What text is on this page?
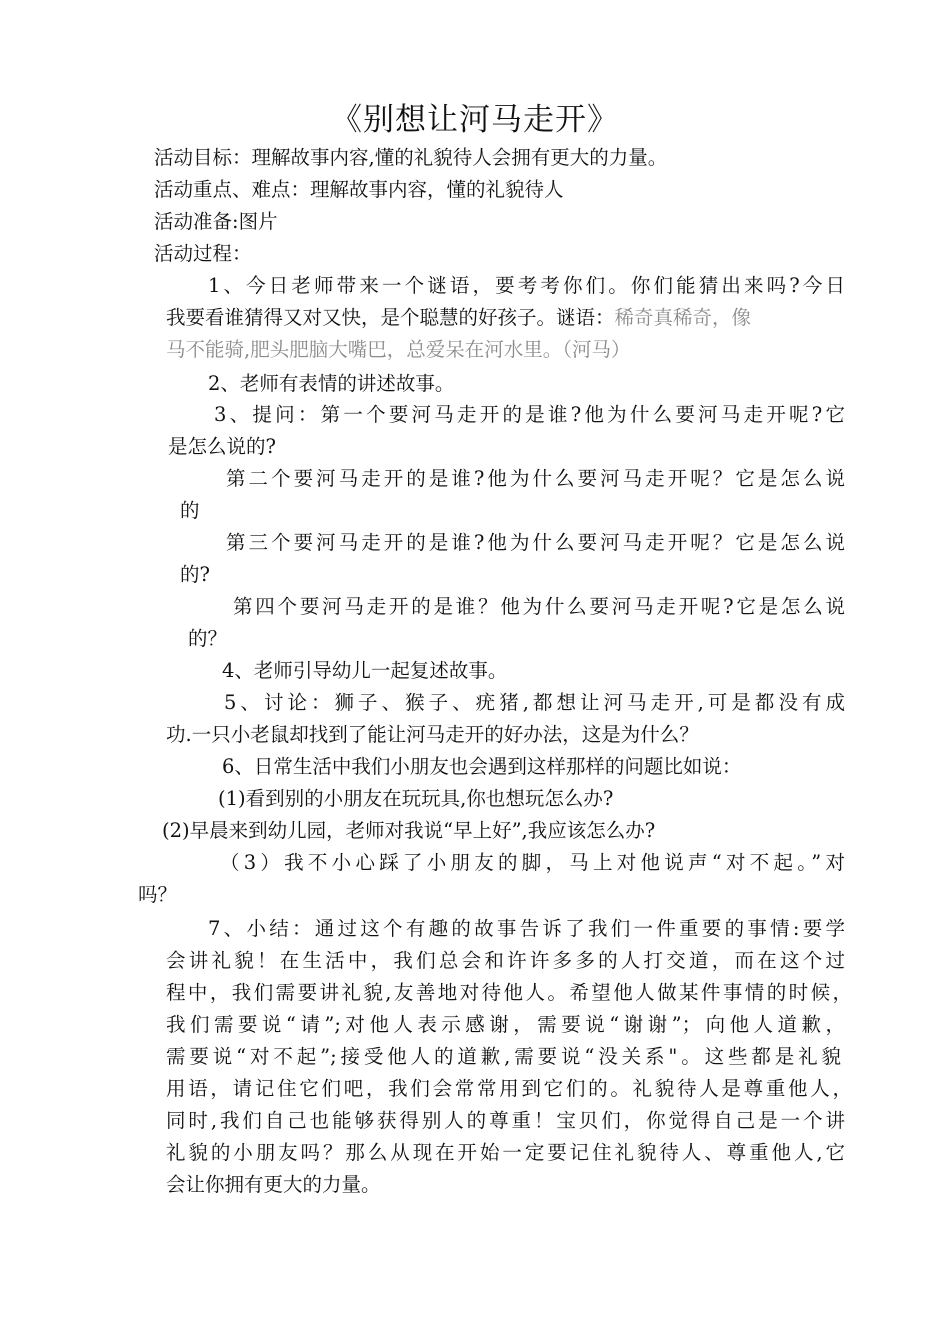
《别想让河马走开》
活动目标：理解故事内容,懂的礼貌待人会拥有更大的力量。
活动重点、难点：理解故事内容，懂的礼貌待人
活动准备:图片
活动过程：
1、今日老师带来一个谜语，要考考你们。你们能猜出来吗?今日
我要看谁猜得又对又快，是个聪慧的好孩子。谜语：稀奇真稀奇，像
马不能骑,肥头肥脑大嘴巴，总爱呆在河水里。（河马）
2、老师有表情的讲述故事。
3、提问：第一个要河马走开的是谁?他为什么要河马走开呢?它
是怎么说的?
第二个要河马走开的是谁?他为什么要河马走开呢？它是怎么说
的
第三个要河马走开的是谁?他为什么要河马走开呢？它是怎么说
的?
第四个要河马走开的是谁？他为什么要河马走开呢?它是怎么说
的？
4、老师引导幼儿一起复述故事。
5、讨论：狮子、猴子、疣猪,都想让河马走开,可是都没有成
功.一只小老鼠却找到了能让河马走开的好办法，这是为什么？
6、日常生活中我们小朋友也会遇到这样那样的问题比如说：
(1)看到别的小朋友在玩玩具,你也想玩怎么办?
(2)早晨来到幼儿园，老师对我说“早上好”,我应该怎么办?
（3）我不小心踩了小朋友的脚，马上对他说声“对不起。”对
吗？
7、小结：通过这个有趣的故事告诉了我们一件重要的事情:要学
会讲礼貌！在生活中，我们总会和许许多多的人打交道，而在这个过
程中，我们需要讲礼貌,友善地对待他人。希望他人做某件事情的时候，
我们需要说“请”;对他人表示感谢，需要说“谢谢”；向他人道歉，
需要说“对不起”;接受他人的道歉,需要说“没关系"。这些都是礼貌
用语，请记住它们吧，我们会常常用到它们的。礼貌待人是尊重他人，
同时,我们自己也能够获得别人的尊重！宝贝们，你觉得自己是一个讲
礼貌的小朋友吗？那么从现在开始一定要记住礼貌待人、尊重他人,它
会让你拥有更大的力量。
